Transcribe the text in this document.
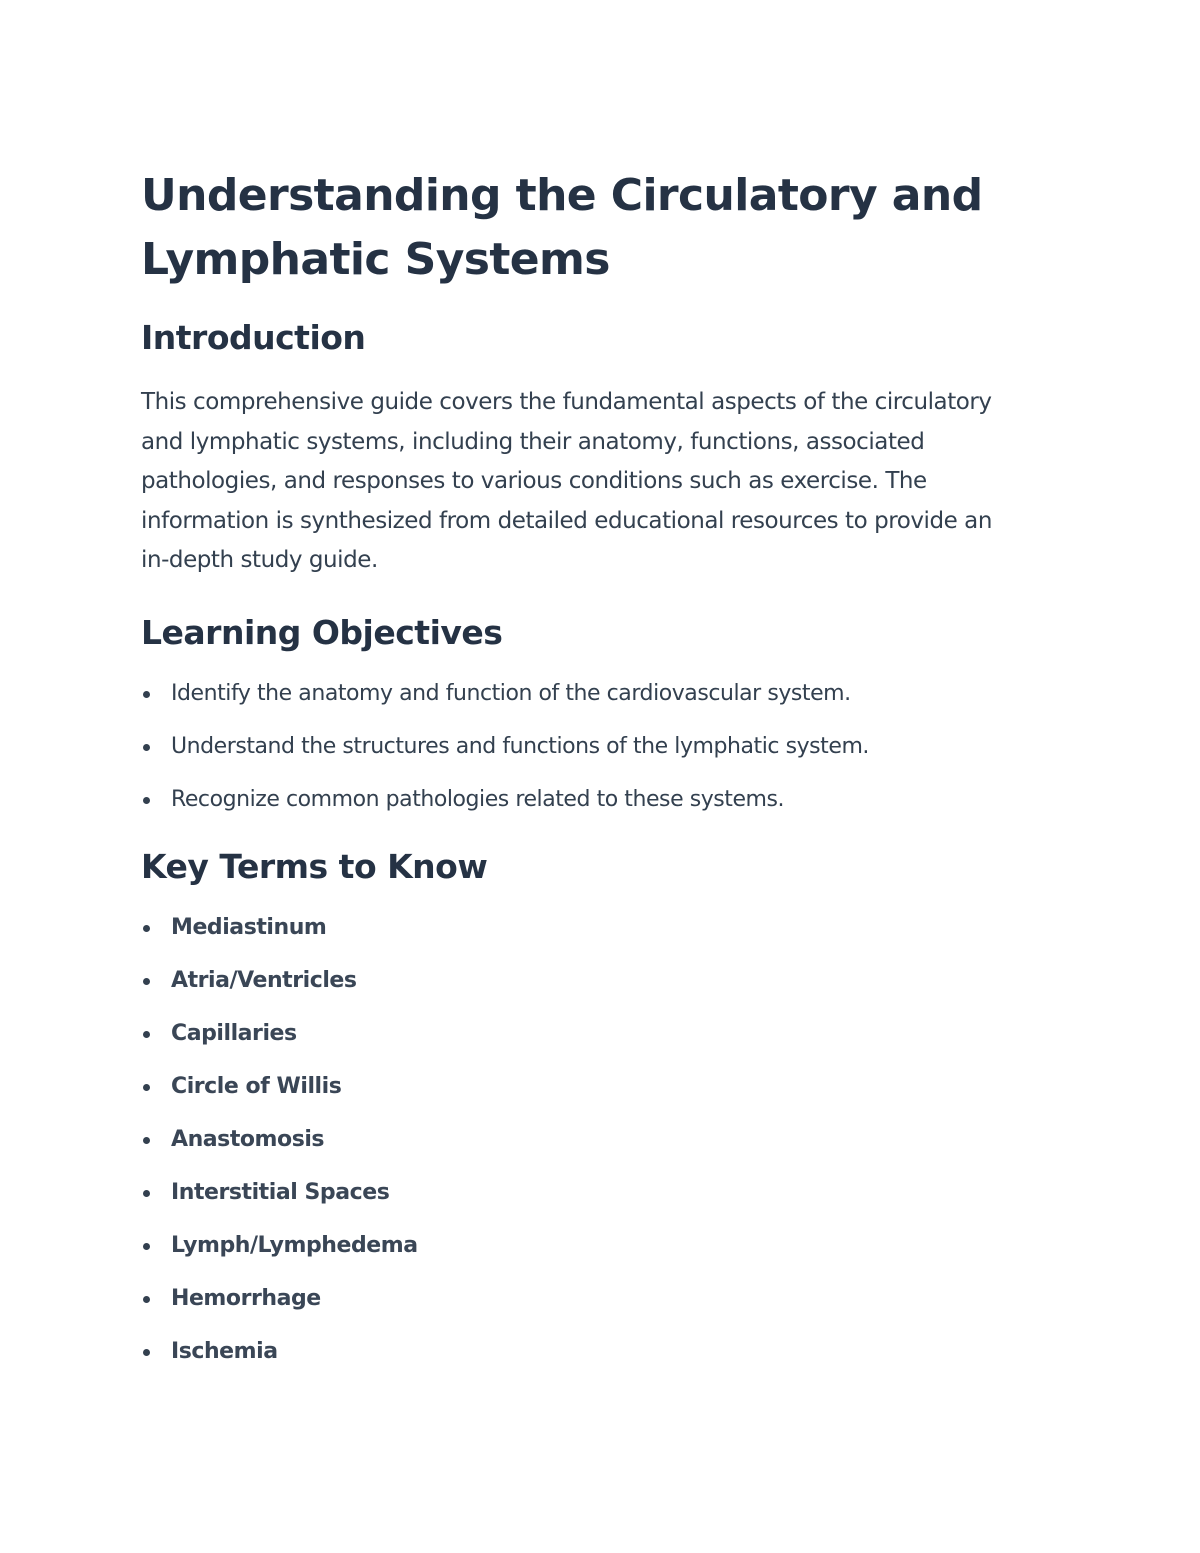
Understanding the Circulatory and Lymphatic Systems
Introduction

This comprehensive guide covers the fundamental aspects of the circulatory and lymphatic systems, including their anatomy, functions, associated pathologies, and responses to various conditions such as exercise. The information is synthesized from detailed educational resources to provide an in-depth study guide.

Learning Objectives
Identify the anatomy and function of the cardiovascular system.
Understand the structures and functions of the lymphatic system.
Recognize common pathologies related to these systems.
Key Terms to Know
Mediastinum
Atria/Ventricles
Capillaries
Circle of Willis
Anastomosis
Interstitial Spaces
Lymph/Lymphedema
Hemorrhage
Ischemia
